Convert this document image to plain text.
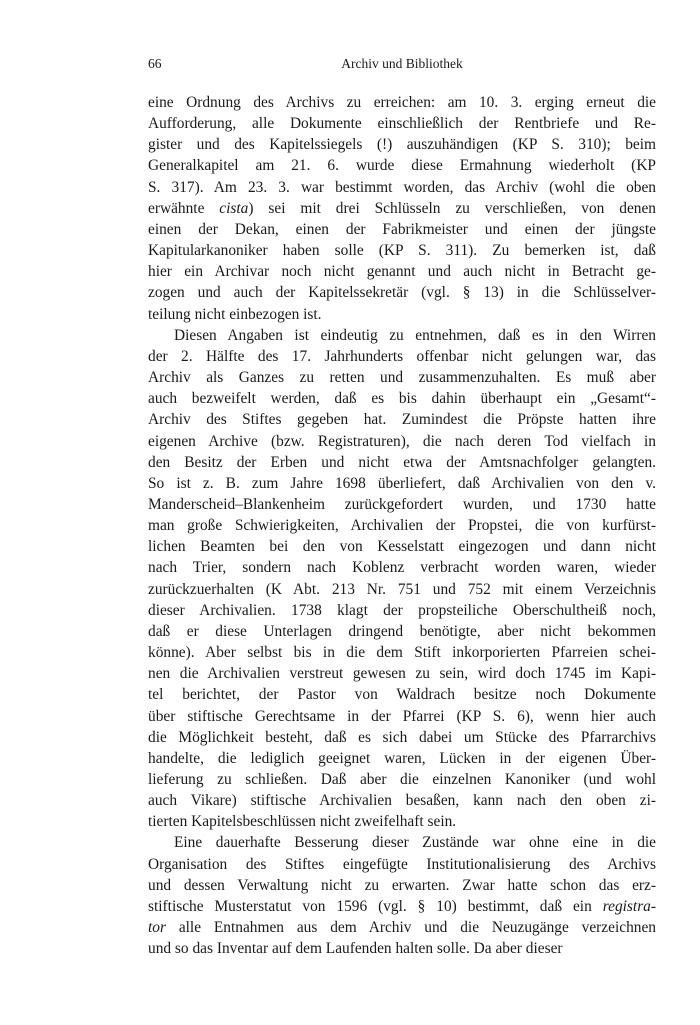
66	Archiv und Bibliothek
eine Ordnung des Archivs zu erreichen: am 10. 3. erging erneut die
Aufforderung, alle Dokumente einschließlich der Rentbriefe und Re-
gister und des Kapitelssiegels (!) auszuhändigen (KP S. 310); beim
Generalkapitel am 21. 6. wurde diese Ermahnung wiederholt (KP
S. 317). Am 23. 3. war bestimmt worden, das Archiv (wohl die oben
erwähnte cista) sei mit drei Schlüsseln zu verschließen, von denen
einen der Dekan, einen der Fabrikmeister und einen der jüngste
Kapitularkanoniker haben solle (KP S. 311). Zu bemerken ist, daß
hier ein Archivar noch nicht genannt und auch nicht in Betracht ge-
zogen und auch der Kapitelssekretär (vgl. § 13) in die Schlüsselver-
teilung nicht einbezogen ist.
Diesen Angaben ist eindeutig zu entnehmen, daß es in den Wirren
der 2. Hälfte des 17. Jahrhunderts offenbar nicht gelungen war, das
Archiv als Ganzes zu retten und zusammenzuhalten. Es muß aber
auch bezweifelt werden, daß es bis dahin überhaupt ein „Gesamt“-
Archiv des Stiftes gegeben hat. Zumindest die Pröpste hatten ihre
eigenen Archive (bzw. Registraturen), die nach deren Tod vielfach in
den Besitz der Erben und nicht etwa der Amtsnachfolger gelangten.
So ist z. B. zum Jahre 1698 überliefert, daß Archivalien von den v.
Manderscheid–Blankenheim zurückgefordert wurden, und 1730 hatte
man große Schwierigkeiten, Archivalien der Propstei, die von kurfürst-
lichen Beamten bei den von Kesselstatt eingezogen und dann nicht
nach Trier, sondern nach Koblenz verbracht worden waren, wieder
zurückzuerhalten (K Abt. 213 Nr. 751 und 752 mit einem Verzeichnis
dieser Archivalien. 1738 klagt der propsteiliche Oberschultheiß noch,
daß er diese Unterlagen dringend benötigte, aber nicht bekommen
könne). Aber selbst bis in die dem Stift inkorporierten Pfarreien schei-
nen die Archivalien verstreut gewesen zu sein, wird doch 1745 im Kapi-
tel berichtet, der Pastor von Waldrach besitze noch Dokumente
über stiftische Gerechtsame in der Pfarrei (KP S. 6), wenn hier auch
die Möglichkeit besteht, daß es sich dabei um Stücke des Pfarrarchivs
handelte, die lediglich geeignet waren, Lücken in der eigenen Über-
lieferung zu schließen. Daß aber die einzelnen Kanoniker (und wohl
auch Vikare) stiftische Archivalien besaßen, kann nach den oben zi-
tierten Kapitelsbeschlüssen nicht zweifelhaft sein.
Eine dauerhafte Besserung dieser Zustände war ohne eine in die
Organisation des Stiftes eingefügte Institutionalisierung des Archivs
und dessen Verwaltung nicht zu erwarten. Zwar hatte schon das erz-
stiftische Musterstatut von 1596 (vgl. § 10) bestimmt, daß ein registra-
tor alle Entnahmen aus dem Archiv und die Neuzugänge verzeichnen
und so das Inventar auf dem Laufenden halten solle. Da aber dieser
